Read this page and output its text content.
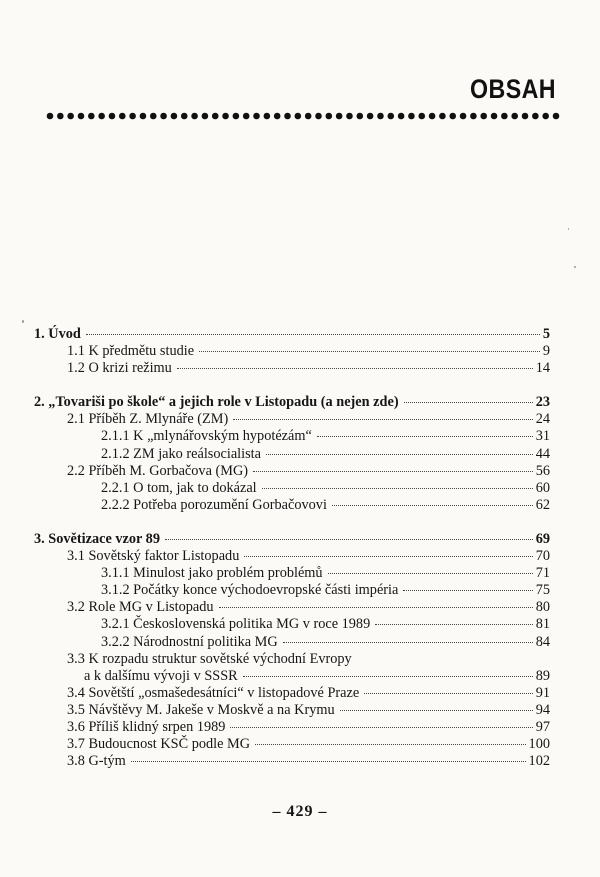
OBSAH
1. Úvod	5
1.1 K předmětu studie	9
1.2 O krizi režimu	14
2. „Tovariši po škole“ a jejich role v Listopadu (a nejen zde)	23
2.1 Příběh Z. Mlynáře (ZM)	24
2.1.1 K „mlynářovským hypotézám“	31
2.1.2 ZM jako reálsocialista	44
2.2 Příběh M. Gorbačova (MG)	56
2.2.1 O tom, jak to dokázal	60
2.2.2 Potřeba porozumění Gorbačovovi	62
3. Sovětizace vzor 89	69
3.1 Sovětský faktor Listopadu	70
3.1.1 Minulost jako problém problémů	71
3.1.2 Počátky konce východoevropské části impéria	75
3.2 Role MG v Listopadu	80
3.2.1 Československá politika MG v roce 1989	81
3.2.2 Národnostní politika MG	84
3.3 K rozpadu struktur sovětské východní Evropy
a k dalšímu vývoji v SSSR	89
3.4 Sovětští „osmašedesátníci“ v listopadové Praze	91
3.5 Návštěvy M. Jakeše v Moskvě a na Krymu	94
3.6 Příliš klidný srpen 1989	97
3.7 Budoucnost KSČ podle MG	100
3.8 G-tým	102
– 429 –
